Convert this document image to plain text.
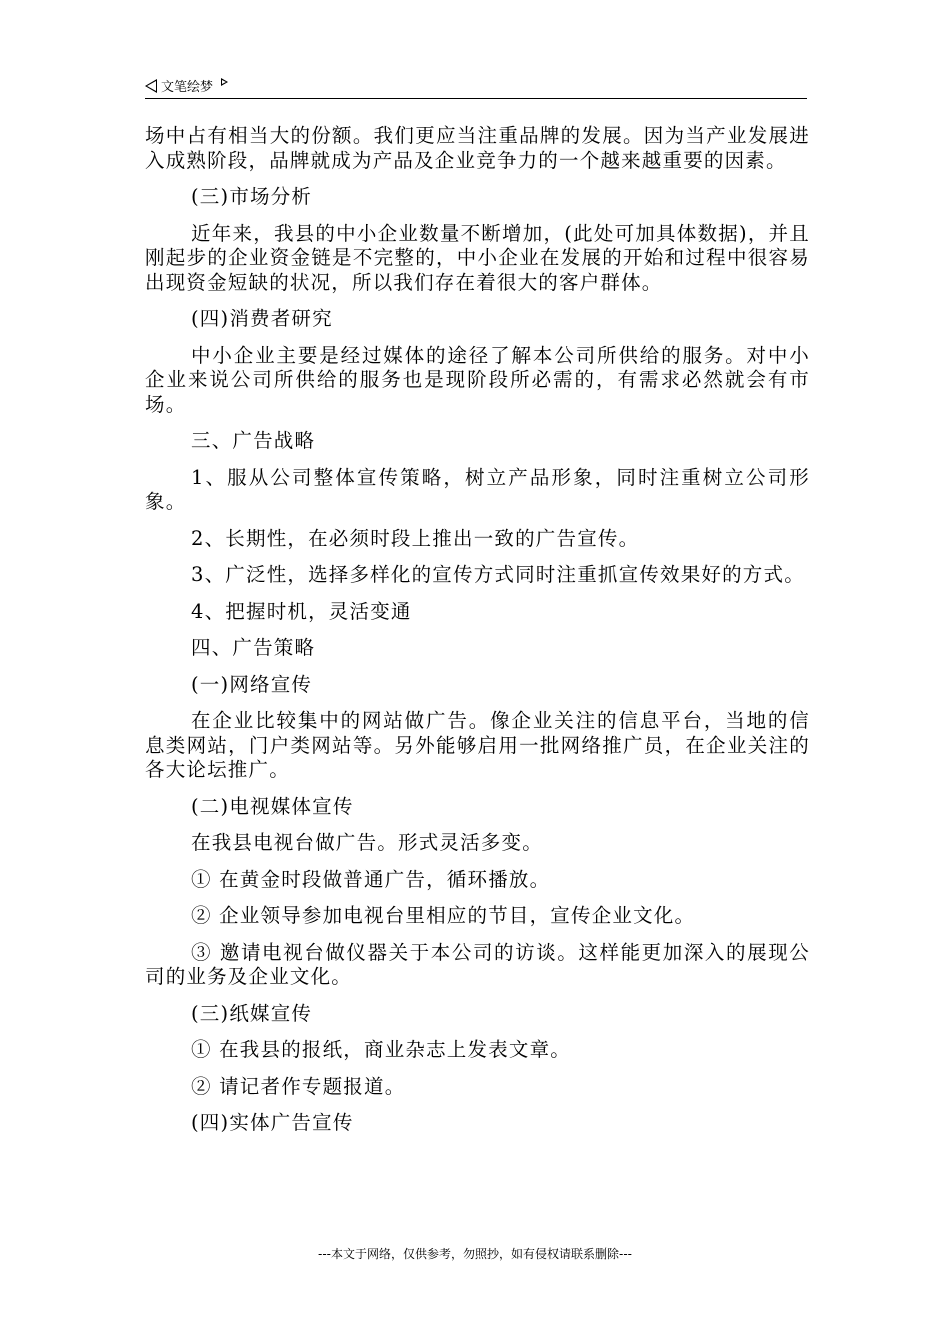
文笔绘梦

场中占有相当大的份额。我们更应当注重品牌的发展。因为当产业发展进入成熟阶段，品牌就成为产品及企业竞争力的一个越来越重要的因素。

(三)市场分析

近年来，我县的中小企业数量不断增加，(此处可加具体数据)，并且刚起步的企业资金链是不完整的，中小企业在发展的开始和过程中很容易出现资金短缺的状况，所以我们存在着很大的客户群体。

(四)消费者研究

中小企业主要是经过媒体的途径了解本公司所供给的服务。对中小企业来说公司所供给的服务也是现阶段所必需的，有需求必然就会有市场。

三、广告战略

1、服从公司整体宣传策略，树立产品形象，同时注重树立公司形象。

2、长期性，在必须时段上推出一致的广告宣传。

3、广泛性，选择多样化的宣传方式同时注重抓宣传效果好的方式。

4、把握时机，灵活变通

四、广告策略

(一)网络宣传

在企业比较集中的网站做广告。像企业关注的信息平台，当地的信息类网站，门户类网站等。另外能够启用一批网络推广员，在企业关注的各大论坛推广。

(二)电视媒体宣传

在我县电视台做广告。形式灵活多变。

① 在黄金时段做普通广告，循环播放。

② 企业领导参加电视台里相应的节目，宣传企业文化。

③ 邀请电视台做仪器关于本公司的访谈。这样能更加深入的展现公司的业务及企业文化。

(三)纸媒宣传

① 在我县的报纸，商业杂志上发表文章。

② 请记者作专题报道。

(四)实体广告宣传

---本文于网络，仅供参考，勿照抄，如有侵权请联系删除---
